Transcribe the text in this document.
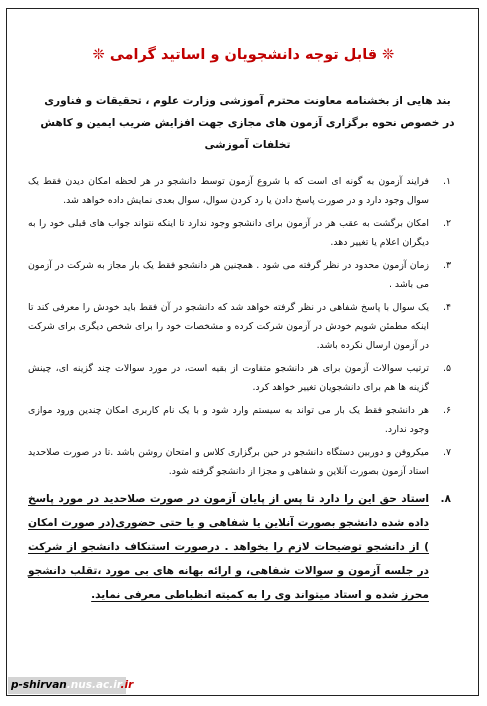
❊ قابل توجه دانشجویان و اساتید گرامی ❊
بند هایی از بخشنامه معاونت محترم آموزشی وزارت علوم ، تحقیقات و فناوری در خصوص نحوه برگزاری آزمون های مجازی جهت افزایش ضریب ایمین و کاهش تخلفات آموزشی
۱.
فرایند آزمون به گونه ای است که با شروع آزمون توسط دانشجو در هر لحظه امکان دیدن فقط یک سوال وجود دارد و در صورت پاسخ دادن یا رد کردن سوال، سوال بعدی نمایش داده خواهد شد.
۲.
امکان برگشت به عقب هر در آزمون برای دانشجو وجود ندارد تا اینکه نتواند جواب های قبلی خود را به دیگران اعلام یا تغییر دهد.
۳.
زمان آزمون محدود در نظر گرفته می شود . همچنین هر دانشجو فقط یک بار مجاز به شرکت در آزمون می باشد .
۴.
یک سوال با پاسخ شفاهی در نظر گرفته خواهد شد که دانشجو در آن فقط باید خودش را معرفی کند تا اینکه مطمئن شویم خودش در آزمون شرکت کرده و مشخصات خود را برای شخص دیگری برای شرکت در آزمون ارسال نکرده باشد.
۵.
ترتیب سوالات آزمون برای هر دانشجو متفاوت از بقیه است، در مورد سوالات چند گزینه ای، چینش گزینه ها هم برای دانشجویان تغییر خواهد کرد.
۶.
هر دانشجو فقط یک بار می تواند به سیستم وارد شود و با یک نام کاربری امکان چندین ورود موازی وجود ندارد.
۷.
میکروفن و دوربین دستگاه دانشجو در حین برگزاری کلاس و امتحان روشن باشد .تا در صورت صلاحدید استاد آزمون بصورت آنلاین و شفاهی و مجزا از دانشجو گرفته شود.
۸.
استاد حق این را دارد تا پس از پایان آزمون در صورت صلاحدید در مورد پاسخ داده شده دانشجو بصورت آنلاین یا شفاهی و یا حتی حضوری(در صورت امکان ) از دانشجو توضیحات لازم را بخواهد . درصورت استنکاف دانشجو از شرکت در جلسه آزمون و سوالات شفاهی، و ارائه بهانه های بی مورد ،تقلب دانشجو محرز شده و استاد میتواند وی را به کمیته انظباطی معرفی نماید.
p-shirvan.nus.ac.ir.ir
